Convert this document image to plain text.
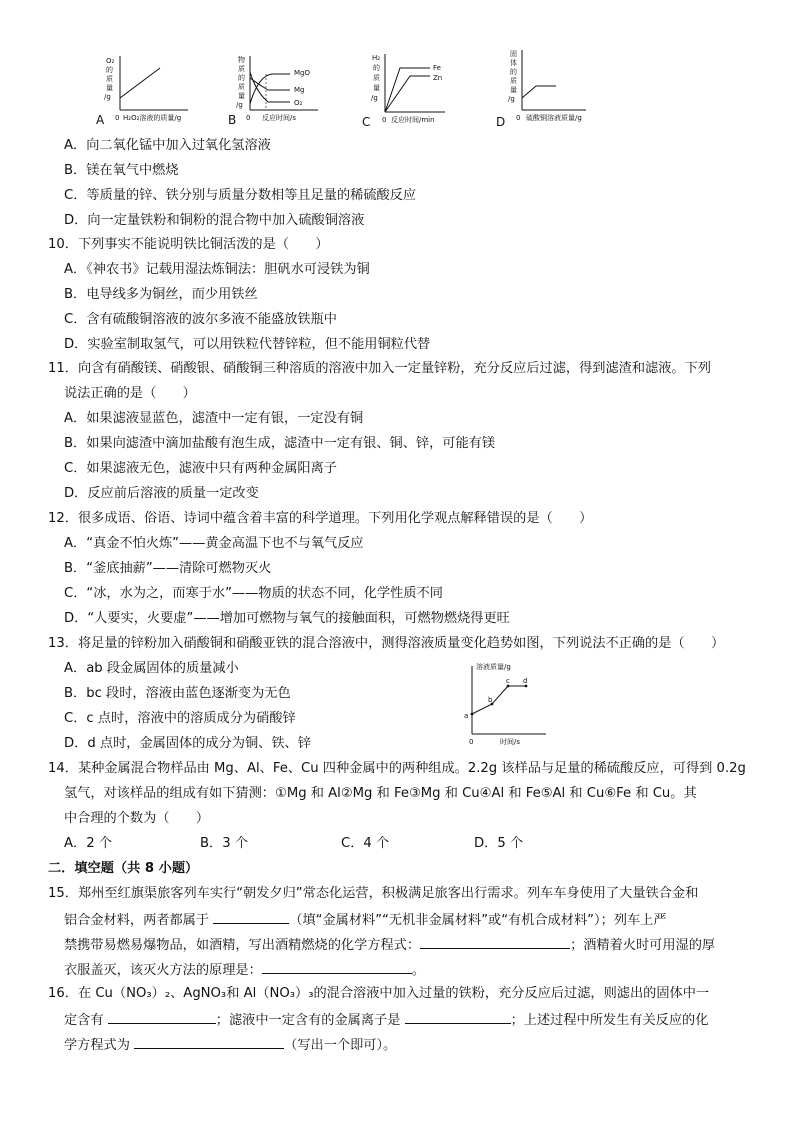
O₂
的
质
量
/g
0 H₂O₂溶液的质量/g
A
物
质
的
质
量
/g
MgO
Mg
O₂
0 反应时间/s
B
H₂
的
质
量
/g
Fe
Zn
0 反应时间/min
C
固
体
的
质
量
/g
0 硫酸铜溶液质量/g
D
A．向二氧化锰中加入过氧化氢溶液
B．镁在氧气中燃烧
C．等质量的锌、铁分别与质量分数相等且足量的稀硫酸反应
D．向一定量铁粉和铜粉的混合物中加入硫酸铜溶液
10．下列事实不能说明铁比铜活泼的是（　　）
A．《神农书》记载用湿法炼铜法：胆矾水可浸铁为铜
B．电导线多为铜丝，而少用铁丝
C．含有硫酸铜溶液的波尔多液不能盛放铁瓶中
D．实验室制取氢气，可以用铁粒代替锌粒，但不能用铜粒代替
11．向含有硝酸镁、硝酸银、硝酸铜三种溶质的溶液中加入一定量锌粉，充分反应后过滤，得到滤渣和滤液。下列
说法正确的是（　　）
A．如果滤液显蓝色，滤渣中一定有银，一定没有铜
B．如果向滤渣中滴加盐酸有泡生成，滤渣中一定有银、铜、锌，可能有镁
C．如果滤液无色，滤液中只有两种金属阳离子
D．反应前后溶液的质量一定改变
12．很多成语、俗语、诗词中蕴含着丰富的科学道理。下列用化学观点解释错误的是（　　）
A．“真金不怕火炼”——黄金高温下也不与氧气反应
B．“釜底抽薪”——清除可燃物灭火
C．“冰，水为之，而寒于水”——物质的状态不同，化学性质不同
D．“人要实，火要虚”——增加可燃物与氧气的接触面积，可燃物燃烧得更旺
13．将足量的锌粉加入硝酸铜和硝酸亚铁的混合溶液中，测得溶液质量变化趋势如图，下列说法不正确的是（　　）
A．ab 段金属固体的质量减小
B．bc 段时，溶液由蓝色逐渐变为无色
C．c 点时，溶液中的溶质成分为硝酸锌
D．d 点时，金属固体的成分为铜、铁、锌
溶液质量/g
a
b
c d
0	时间/s
14．某种金属混合物样品由 Mg、Al、Fe、Cu 四种金属中的两种组成。2.2g 该样品与足量的稀硫酸反应，可得到 0.2g
氢气，对该样品的组成有如下猜测：①Mg 和 Al②Mg 和 Fe③Mg 和 Cu④Al 和 Fe⑤Al 和 Cu⑥Fe 和 Cu。其
中合理的个数为（　　）
A．2 个	B．3 个	C．4 个	D．5 个
二．填空题（共 8 小题）
15．郑州至红旗渠旅客列车实行“朝发夕归”常态化运营，积极满足旅客出行需求。列车车身使用了大量铁合金和
铝合金材料，两者都属于	（填“金属材料”“无机非金属材料”或“有机合成材料”）；列车上严
禁携带易燃易爆物品，如酒精，写出酒精燃烧的化学方程式：	；酒精着火时可用湿的厚
衣服盖灭，该灭火方法的原理是：	。
16．在 Cu（NO₃）₂、AgNO₃和 Al（NO₃）₃的混合溶液中加入过量的铁粉，充分反应后过滤，则滤出的固体中一
定含有	；滤液中一定含有的金属离子是	；上述过程中所发生有关反应的化
学方程式为	（写出一个即可）。
